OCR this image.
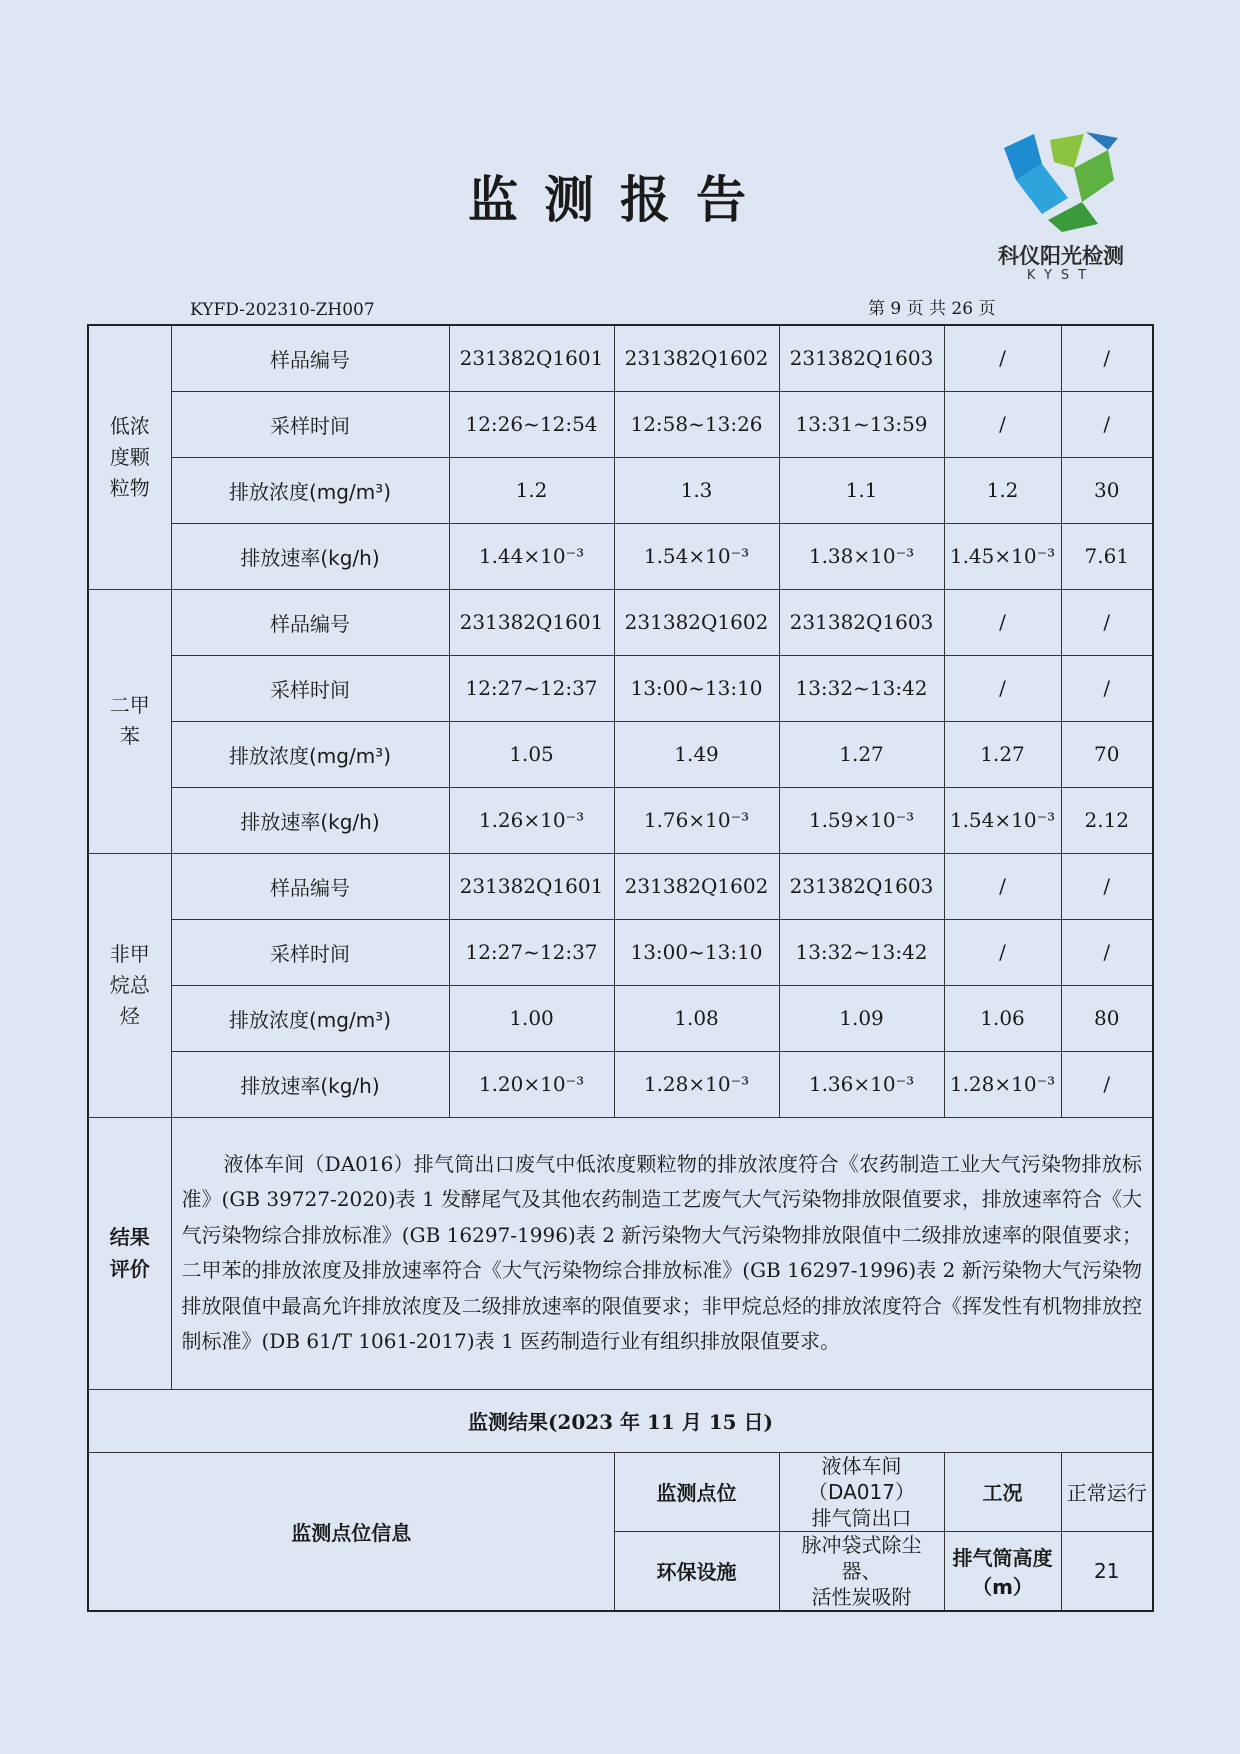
监测报告
科仪阳光检测
KYST
KYFD-202310-ZH007	第 9 页 共 26 页
低浓
度颗
粒物	样品编号	231382Q1601	231382Q1602	231382Q1603	/	/
	采样时间	12:26~12:54	12:58~13:26	13:31~13:59	/	/
	排放浓度(mg/m³)	1.2	1.3	1.1	1.2	30
	排放速率(kg/h)	1.44×10⁻³	1.54×10⁻³	1.38×10⁻³	1.45×10⁻³	7.61

二甲
苯	样品编号	231382Q1601	231382Q1602	231382Q1603	/	/
	采样时间	12:27~12:37	13:00~13:10	13:32~13:42	/	/
	排放浓度(mg/m³)	1.05	1.49	1.27	1.27	70
	排放速率(kg/h)	1.26×10⁻³	1.76×10⁻³	1.59×10⁻³	1.54×10⁻³	2.12

非甲
烷总
烃	样品编号	231382Q1601	231382Q1602	231382Q1603	/	/
	采样时间	12:27~12:37	13:00~13:10	13:32~13:42	/	/
	排放浓度(mg/m³)	1.00	1.08	1.09	1.06	80
	排放速率(kg/h)	1.20×10⁻³	1.28×10⁻³	1.36×10⁻³	1.28×10⁻³	/
结果
评价	液体车间（DA016）排气筒出口废气中低浓度颗粒物的排放浓度符合《农药制造工业大气污染物排放标准》(GB 39727-2020)表 1 发酵尾气及其他农药制造工艺废气大气污染物排放限值要求，排放速率符合《大气污染物综合排放标准》(GB 16297-1996)表 2 新污染物大气污染物排放限值中二级排放速率的限值要求；二甲苯的排放浓度及排放速率符合《大气污染物综合排放标准》(GB 16297-1996)表 2 新污染物大气污染物排放限值中最高允许排放浓度及二级排放速率的限值要求；非甲烷总烃的排放浓度符合《挥发性有机物排放控制标准》(DB 61/T 1061-2017)表 1 医药制造行业有组织排放限值要求。					
监测结果(2023 年 11 月 15 日)						
监测点位信息			监测点位	液体车间（DA017）
排气筒出口	工况	正常运行
			环保设施	脉冲袋式除尘器、
活性炭吸附	排气筒高度（m）	21
